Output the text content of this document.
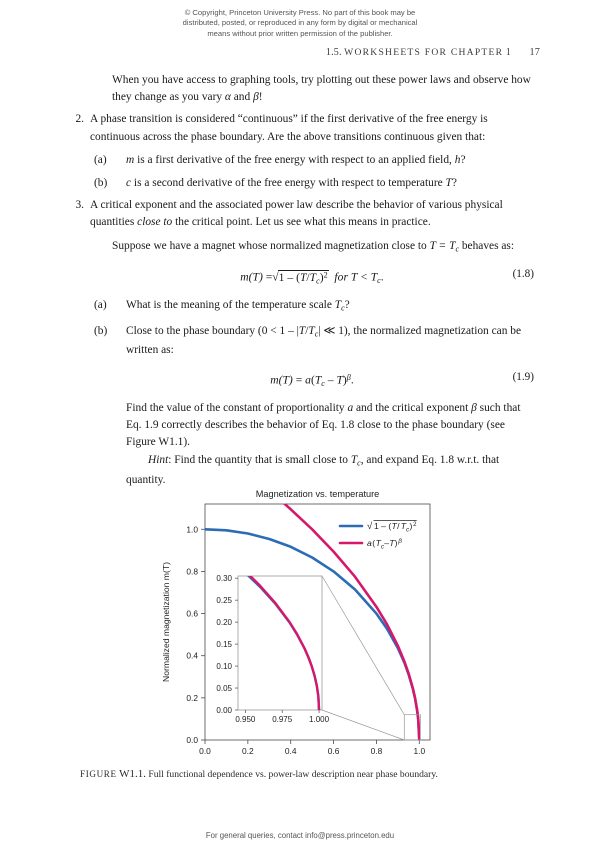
© Copyright, Princeton University Press. No part of this book may be
distributed, posted, or reproduced in any form by digital or mechanical
means without prior written permission of the publisher.
1.5. WORKSHEETS FOR CHAPTER 1 17
When you have access to graphing tools, try plotting out these power laws and observe how they change as you vary α and β!
2. A phase transition is considered “continuous” if the first derivative of the free energy is continuous across the phase boundary. Are the above transitions continuous given that:
(a)	m is a first derivative of the free energy with respect to an applied field, h?
(b)	c is a second derivative of the free energy with respect to temperature T?
3. A critical exponent and the associated power law describe the behavior of various physical quantities close to the critical point. Let us see what this means in practice.
Suppose we have a magnet whose normalized magnetization close to $T = T_c$ behaves as:
$m(T) =√1 - (T/T_c)^2$ for $T < T_c$.	(1.8)
(a)	What is the meaning of the temperature scale $T_c$?
(b)	Close to the phase boundary ($0 < 1 - |T/T_c|$ ≪ 1), the normalized magnetization can be written as:
$m(T) = a(T_c - T)^\beta$.	(1.9)
Find the value of the constant of proportionality a and the critical exponent β such that Eq. 1.9 correctly describes the behavior of Eq. 1.8 close to the phase boundary (see Figure W1.1).
Hint: Find the quantity that is small close to $T_c$, and expand Eq. 1.8 w.r.t. that quantity.
Magnetization vs. temperature
0.0	0.2	0.4	0.6	0.8	1.0
0.0
0.2
0.4
0.6
0.8
1.0
Normalized magnetization m(T)
√ 1 – ( T / T c ) 2
a ( T c – T ) β
0.950 0.975 1.000
0.00
0.05
0.10
0.15
0.20
0.25
0.30
FIGURE W1.1. Full functional dependence vs. power-law description near phase boundary.
For general queries, contact info@press.princeton.edu
